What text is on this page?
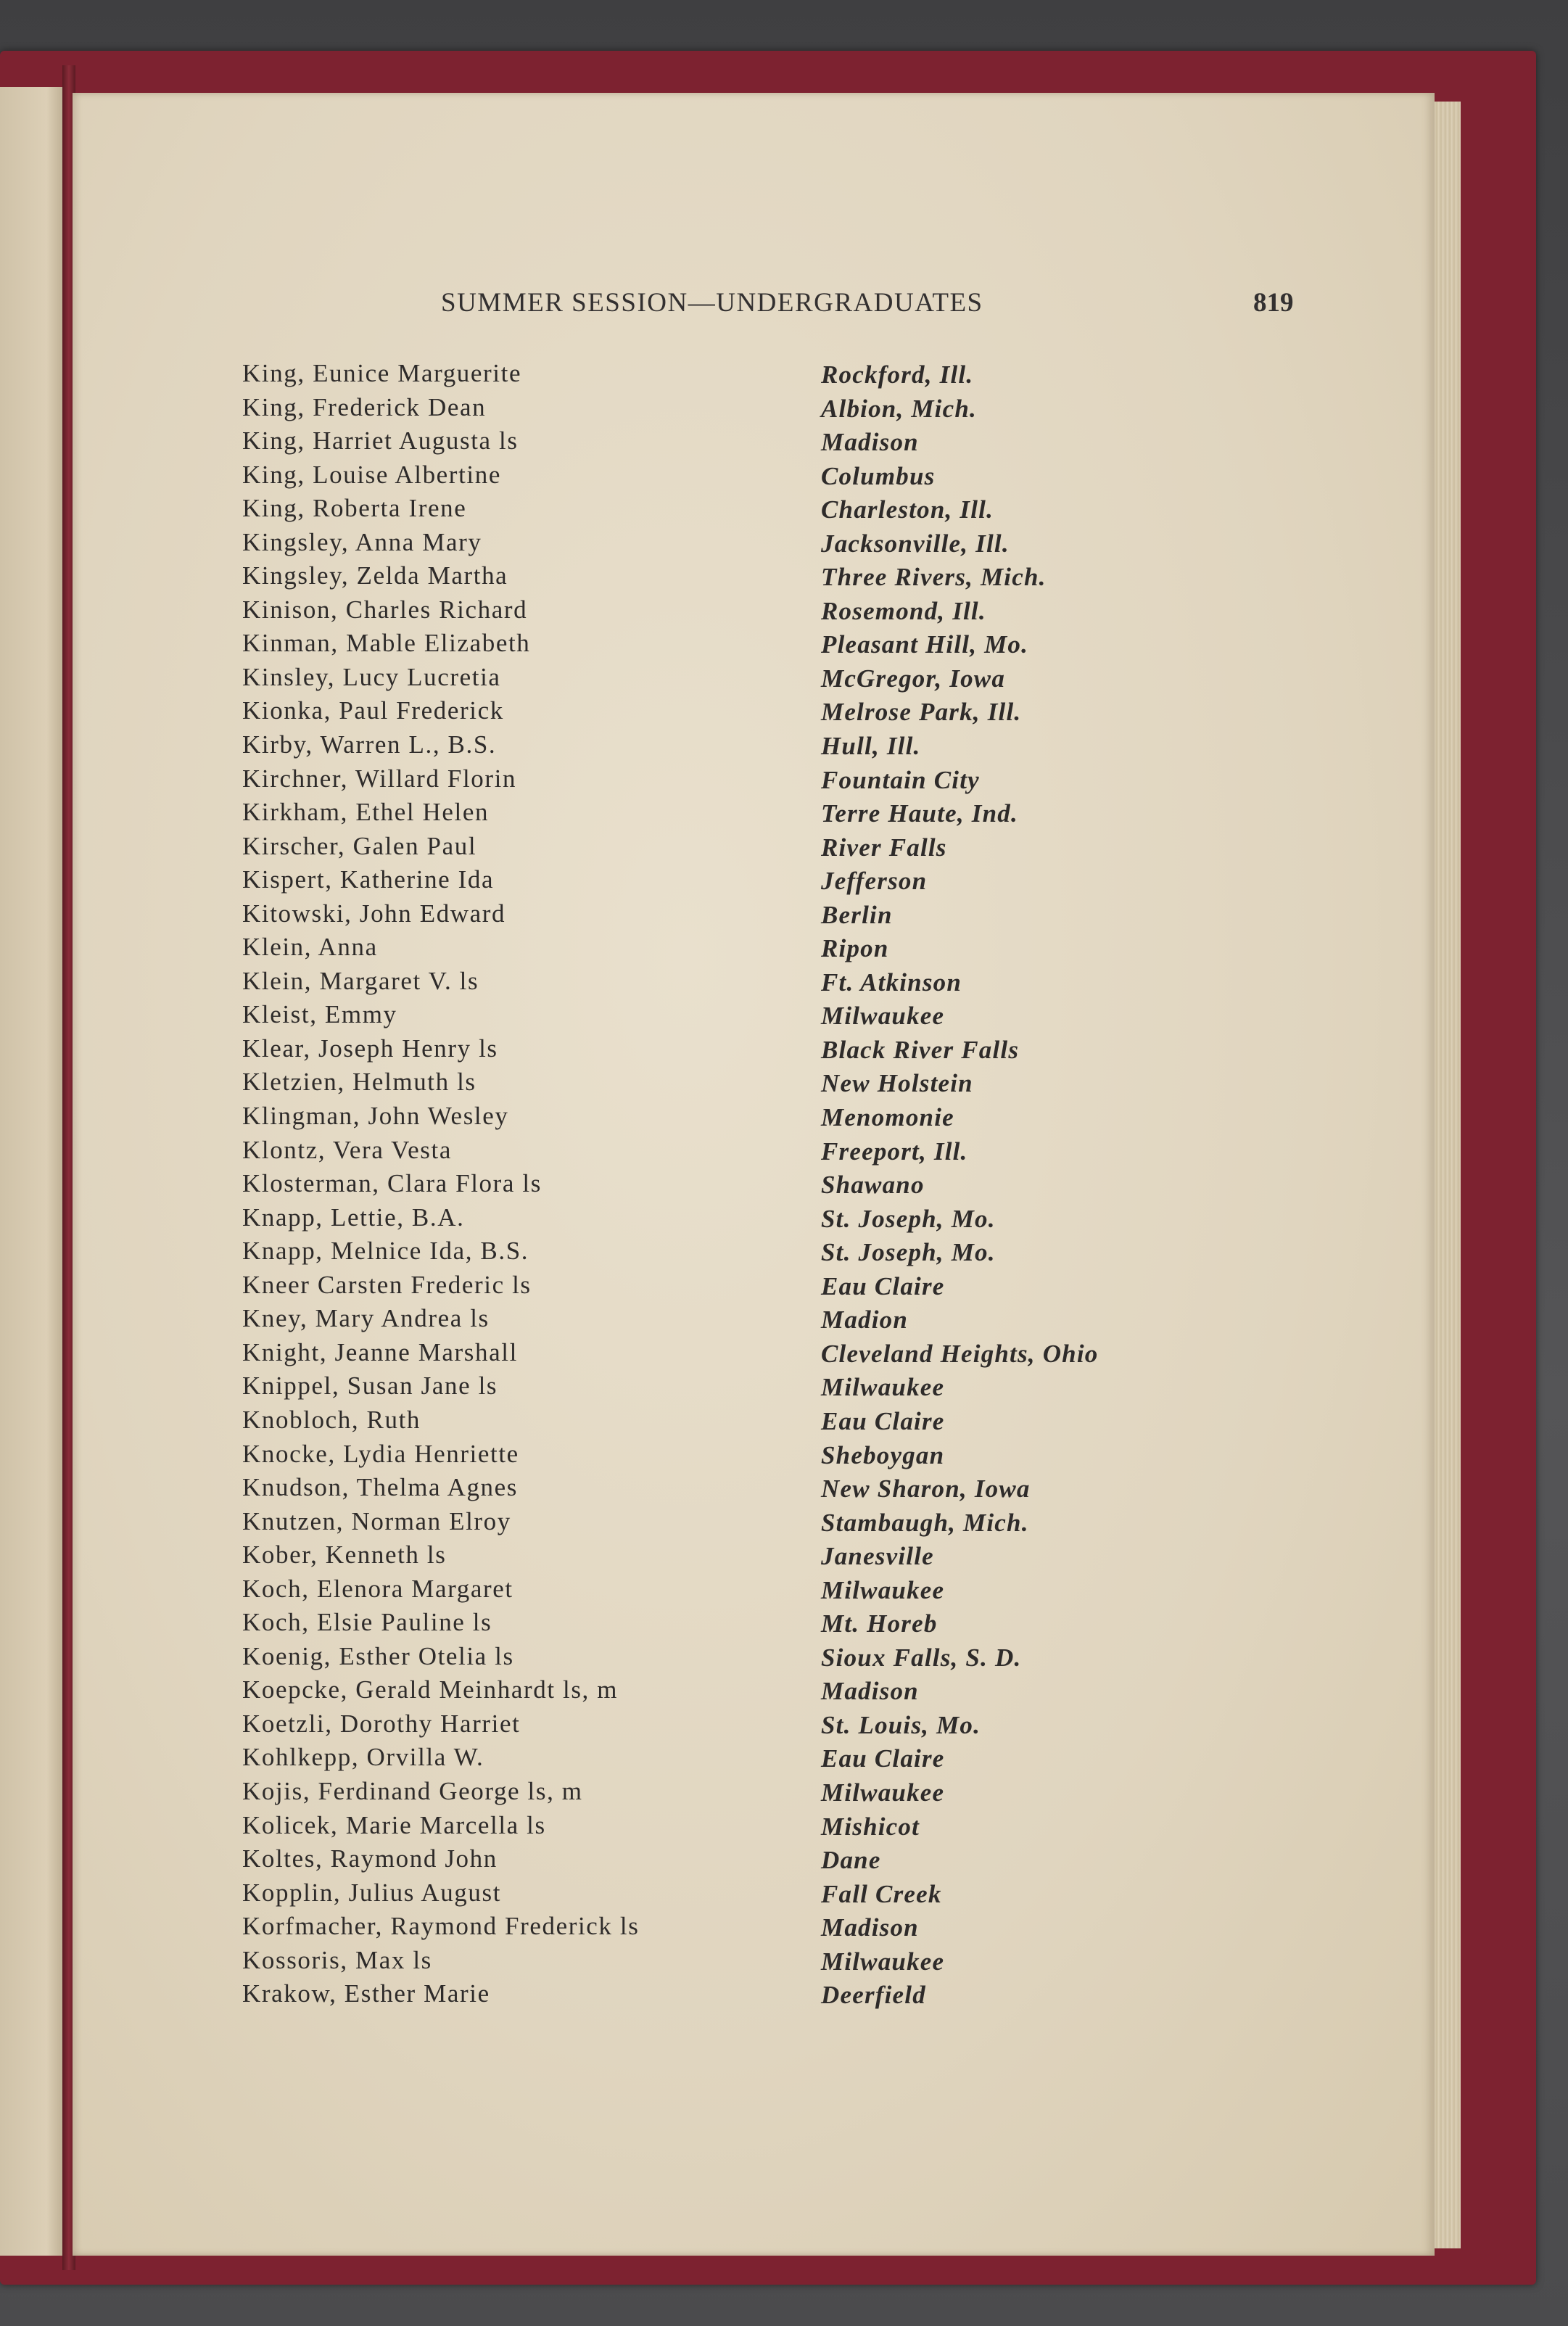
SUMMER SESSION—UNDERGRADUATES	819
King, Eunice Marguerite	Rockford, Ill.
King, Frederick Dean	Albion, Mich.
King, Harriet Augusta ls	Madison
King, Louise Albertine	Columbus
King, Roberta Irene	Charleston, Ill.
Kingsley, Anna Mary	Jacksonville, Ill.
Kingsley, Zelda Martha	Three Rivers, Mich.
Kinison, Charles Richard	Rosemond, Ill.
Kinman, Mable Elizabeth	Pleasant Hill, Mo.
Kinsley, Lucy Lucretia	McGregor, Iowa
Kionka, Paul Frederick	Melrose Park, Ill.
Kirby, Warren L., B.S.	Hull, Ill.
Kirchner, Willard Florin	Fountain City
Kirkham, Ethel Helen	Terre Haute, Ind.
Kirscher, Galen Paul	River Falls
Kispert, Katherine Ida	Jefferson
Kitowski, John Edward	Berlin
Klein, Anna	Ripon
Klein, Margaret V. ls	Ft. Atkinson
Kleist, Emmy	Milwaukee
Klear, Joseph Henry ls	Black River Falls
Kletzien, Helmuth ls	New Holstein
Klingman, John Wesley	Menomonie
Klontz, Vera Vesta	Freeport, Ill.
Klosterman, Clara Flora ls	Shawano
Knapp, Lettie, B.A.	St. Joseph, Mo.
Knapp, Melnice Ida, B.S.	St. Joseph, Mo.
Kneer Carsten Frederic ls	Eau Claire
Kney, Mary Andrea ls	Madion
Knight, Jeanne Marshall	Cleveland Heights, Ohio
Knippel, Susan Jane ls	Milwaukee
Knobloch, Ruth	Eau Claire
Knocke, Lydia Henriette	Sheboygan
Knudson, Thelma Agnes	New Sharon, Iowa
Knutzen, Norman Elroy	Stambaugh, Mich.
Kober, Kenneth ls	Janesville
Koch, Elenora Margaret	Milwaukee
Koch, Elsie Pauline ls	Mt. Horeb
Koenig, Esther Otelia ls	Sioux Falls, S. D.
Koepcke, Gerald Meinhardt ls, m	Madison
Koetzli, Dorothy Harriet	St. Louis, Mo.
Kohlkepp, Orvilla W.	Eau Claire
Kojis, Ferdinand George ls, m	Milwaukee
Kolicek, Marie Marcella ls	Mishicot
Koltes, Raymond John	Dane
Kopplin, Julius August	Fall Creek
Korfmacher, Raymond Frederick ls	Madison
Kossoris, Max ls	Milwaukee
Krakow, Esther Marie	Deerfield
